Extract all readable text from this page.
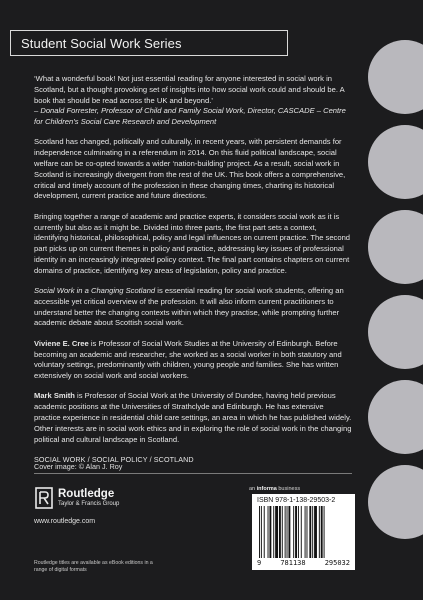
Student Social Work Series

‘What a wonderful book! Not just essential reading for anyone interested in social work in Scotland, but a thought provoking set of insights into how social work could and should be. A book that should be read across the UK and beyond.’
– Donald Forrester, Professor of Child and Family Social Work, Director, CASCADE – Centre for Children’s Social Care Research and Development

Scotland has changed, politically and culturally, in recent years, with persistent demands for independence culminating in a referendum in 2014. On this fluid political landscape, social welfare can be co-opted towards a wider ‘nation-building’ project. As a result, social work in Scotland is increasingly divergent from the rest of the UK. This book offers a comprehensive, critical and timely account of the profession in these changing times, charting its historical development, current practice and future directions.

Bringing together a range of academic and practice experts, it considers social work as it is currently but also as it might be. Divided into three parts, the first part sets a context, identifying historical, philosophical, policy and legal influences on current practice. The second part picks up on current themes in policy and practice, addressing key issues of professional identity in an increasingly integrated policy context. The final part contains chapters on current domains of practice, identifying key areas of legislation, policy and practice.

Social Work in a Changing Scotland is essential reading for social work students, offering an accessible yet critical overview of the profession. It will also inform current practitioners to understand better the changing contexts within which they practise, while prompting further academic debate about Scottish social work.

Viviene E. Cree is Professor of Social Work Studies at the University of Edinburgh. Before becoming an academic and researcher, she worked as a social worker in both statutory and voluntary settings, predominantly with children, young people and families. She has written extensively on social work and social workers.

Mark Smith is Professor of Social Work at the University of Dundee, having held previous academic positions at the Universities of Strathclyde and Edinburgh. He has extensive practice experience in residential child care settings, an area in which he has published widely. Other interests are in social work ethics and in exploring the role of social work in the changing political and cultural landscape in Scotland.

SOCIAL WORK / SOCIAL POLICY / SCOTLAND
Cover image: © Alan J. Roy
Routledge
Taylor & Francis Group
www.routledge.com
Routledge titles are available as eBook editions in a range of digital formats
an informa business
ISBN 978-1-138-29503-2
9	781138	295032
